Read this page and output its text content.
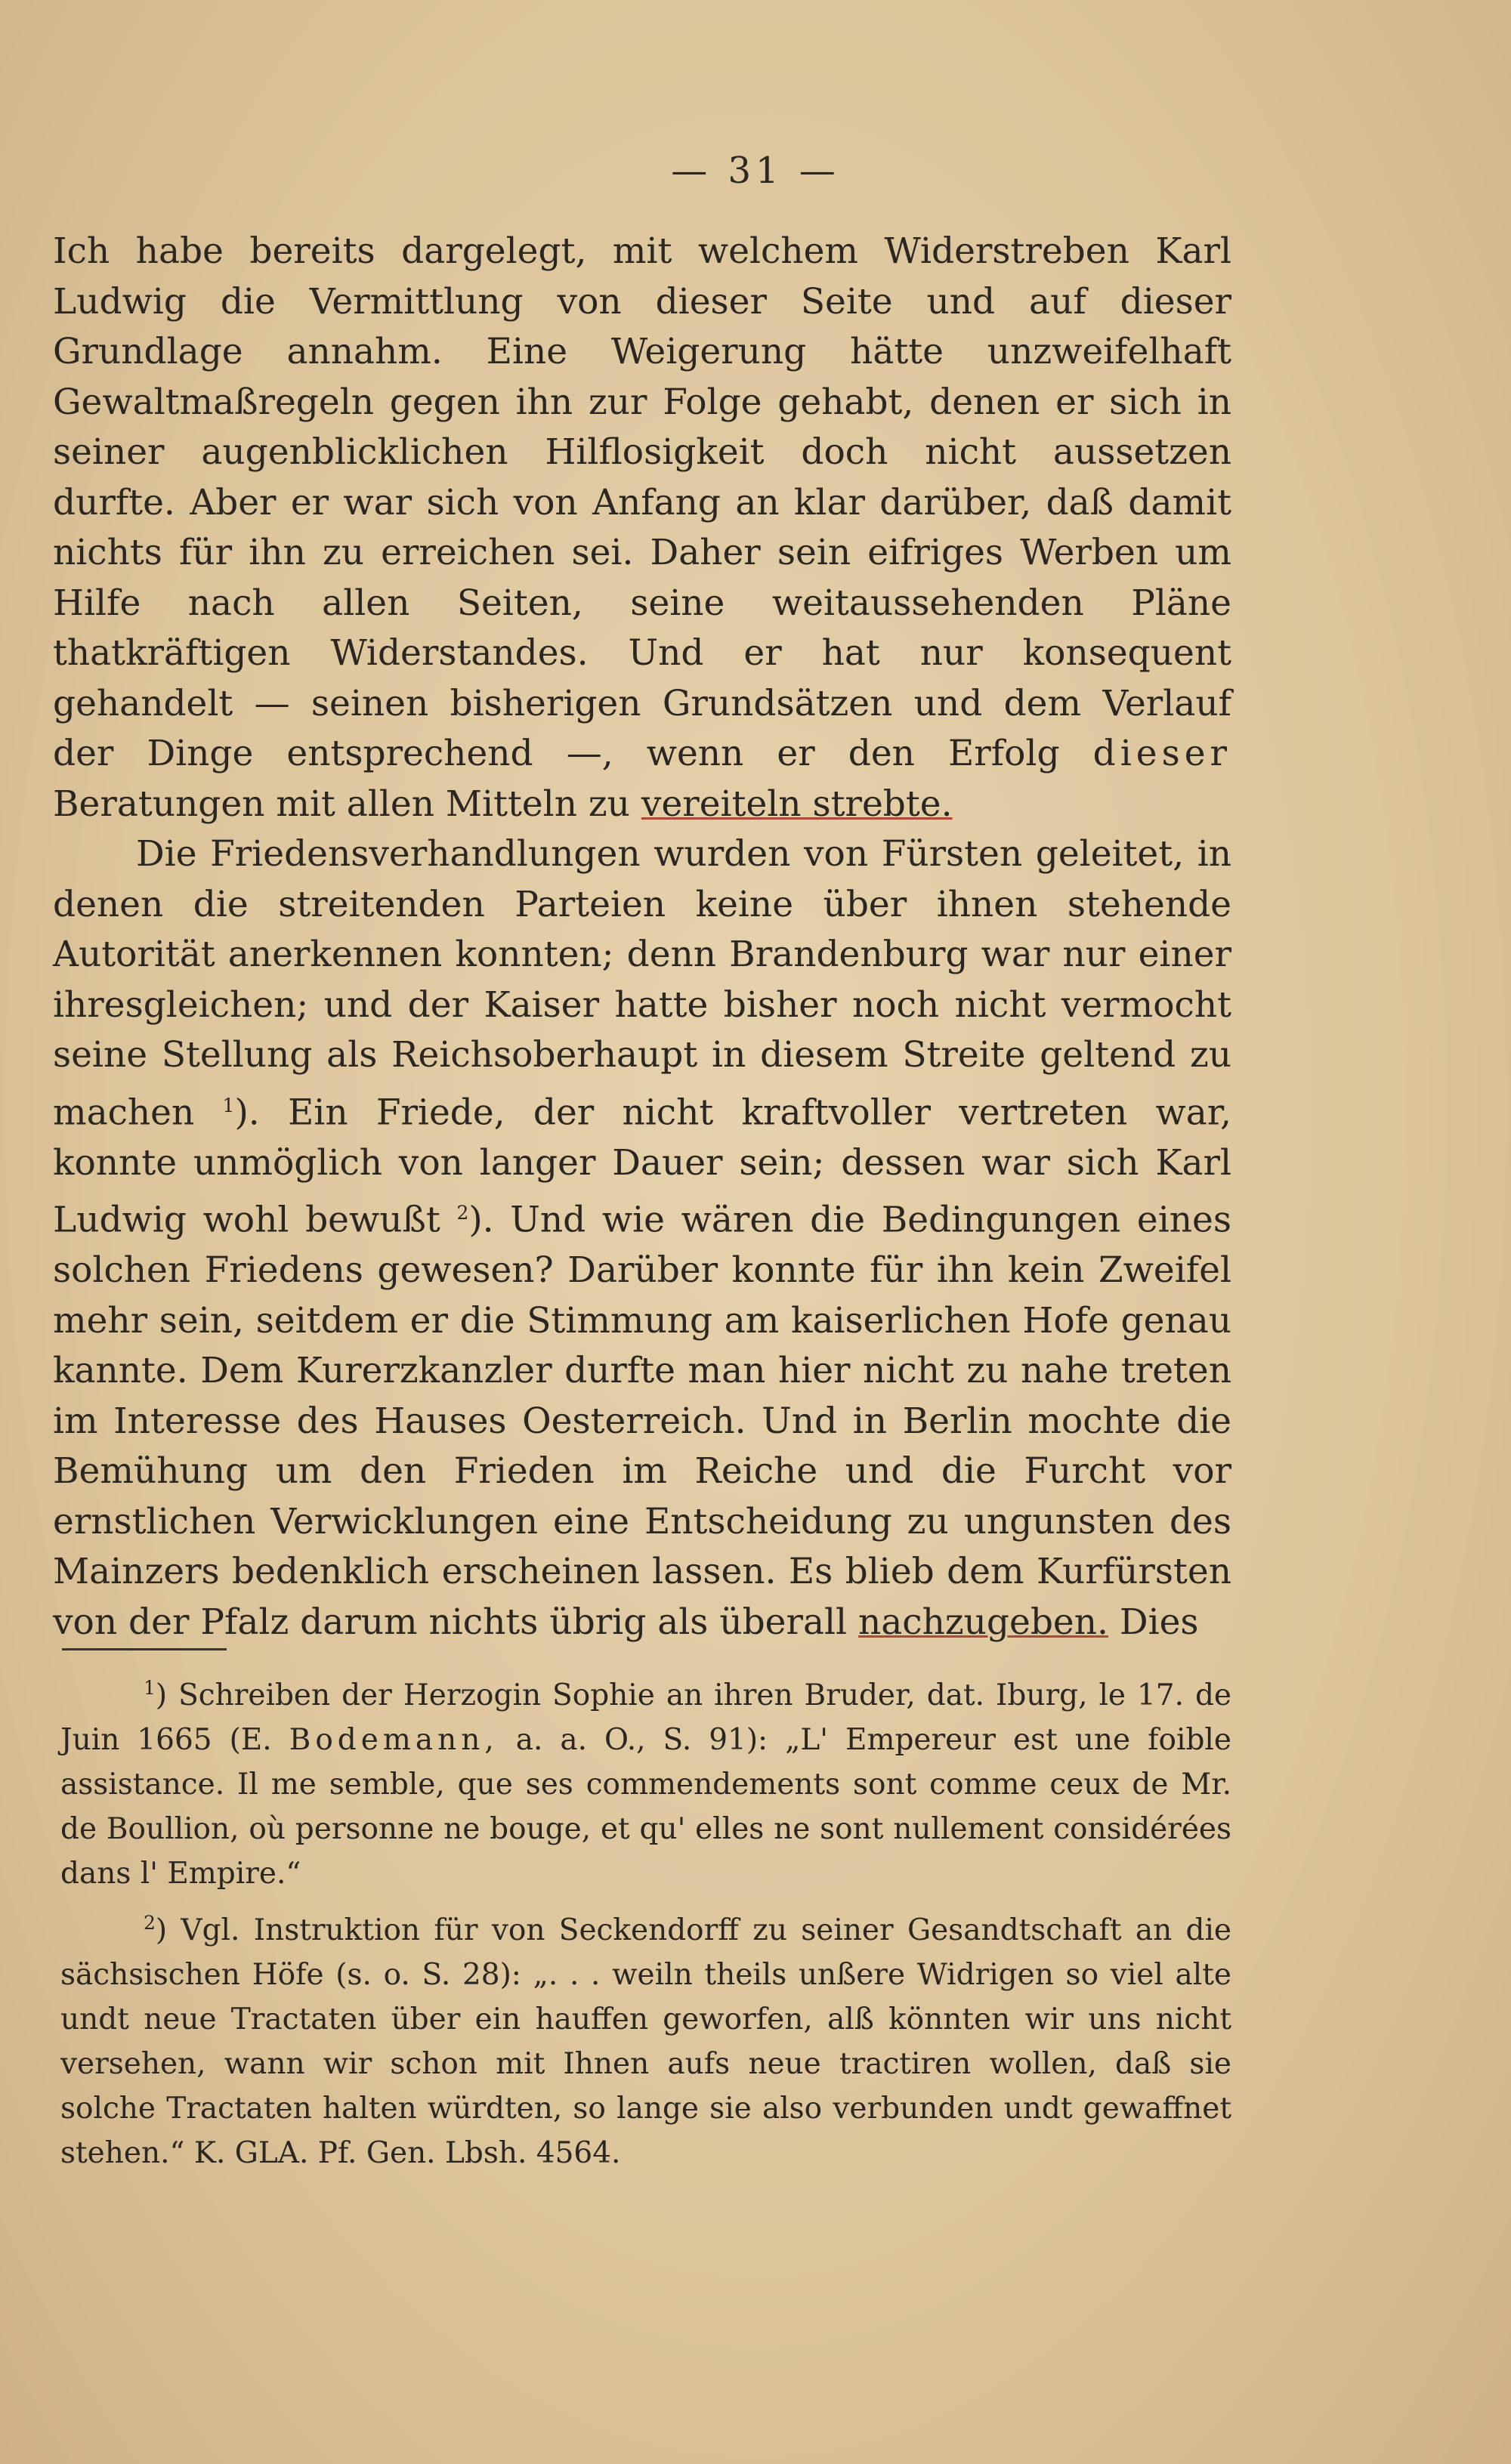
— 31 —

Ich habe bereits dargelegt, mit welchem Widerstreben Karl Ludwig die Vermittlung von dieser Seite und auf dieser Grundlage annahm. Eine Weigerung hätte unzweifelhaft Gewaltmaßregeln gegen ihn zur Folge gehabt, denen er sich in seiner augenblicklichen Hilflosigkeit doch nicht aussetzen durfte. Aber er war sich von Anfang an klar darüber, daß damit nichts für ihn zu erreichen sei. Daher sein eifriges Werben um Hilfe nach allen Seiten, seine weitaussehenden Pläne thatkräftigen Widerstandes. Und er hat nur konsequent gehandelt — seinen bisherigen Grundsätzen und dem Verlauf der Dinge entsprechend —, wenn er den Erfolg dieser Beratungen mit allen Mitteln zu vereiteln strebte.

Die Friedensverhandlungen wurden von Fürsten geleitet, in denen die streitenden Parteien keine über ihnen stehende Autorität anerkennen konnten; denn Brandenburg war nur einer ihresgleichen; und der Kaiser hatte bisher noch nicht vermocht seine Stellung als Reichsoberhaupt in diesem Streite geltend zu machen $^1$). Ein Friede, der nicht kraftvoller vertreten war, konnte unmöglich von langer Dauer sein; dessen war sich Karl Ludwig wohl bewußt $^2$). Und wie wären die Bedingungen eines solchen Friedens gewesen? Darüber konnte für ihn kein Zweifel mehr sein, seitdem er die Stimmung am kaiserlichen Hofe genau kannte. Dem Kurerzkanzler durfte man hier nicht zu nahe treten im Interesse des Hauses Oesterreich. Und in Berlin mochte die Bemühung um den Frieden im Reiche und die Furcht vor ernstlichen Verwicklungen eine Entscheidung zu ungunsten des Mainzers bedenklich erscheinen lassen. Es blieb dem Kurfürsten von der Pfalz darum nichts übrig als überall nachzugeben. Dies

$^1$) Schreiben der Herzogin Sophie an ihren Bruder, dat. Iburg, le 17. de Juin 1665 (E. Bodemann, a. a. O., S. 91): „L' Empereur est une foible assistance. Il me semble, que ses commendements sont comme ceux de Mr. de Boullion, où personne ne bouge, et qu' elles ne sont nullement considérées dans l' Empire.“

$^2$) Vgl. Instruktion für von Seckendorff zu seiner Gesandtschaft an die sächsischen Höfe (s. o. S. 28): „. . . weiln theils unßere Widrigen so viel alte undt neue Tractaten über ein hauffen geworfen, alß könnten wir uns nicht versehen, wann wir schon mit Ihnen aufs neue tractiren wollen, daß sie solche Tractaten halten würdten, so lange sie also verbunden undt gewaffnet stehen.“ K. GLA. Pf. Gen. Lbsh. 4564.
